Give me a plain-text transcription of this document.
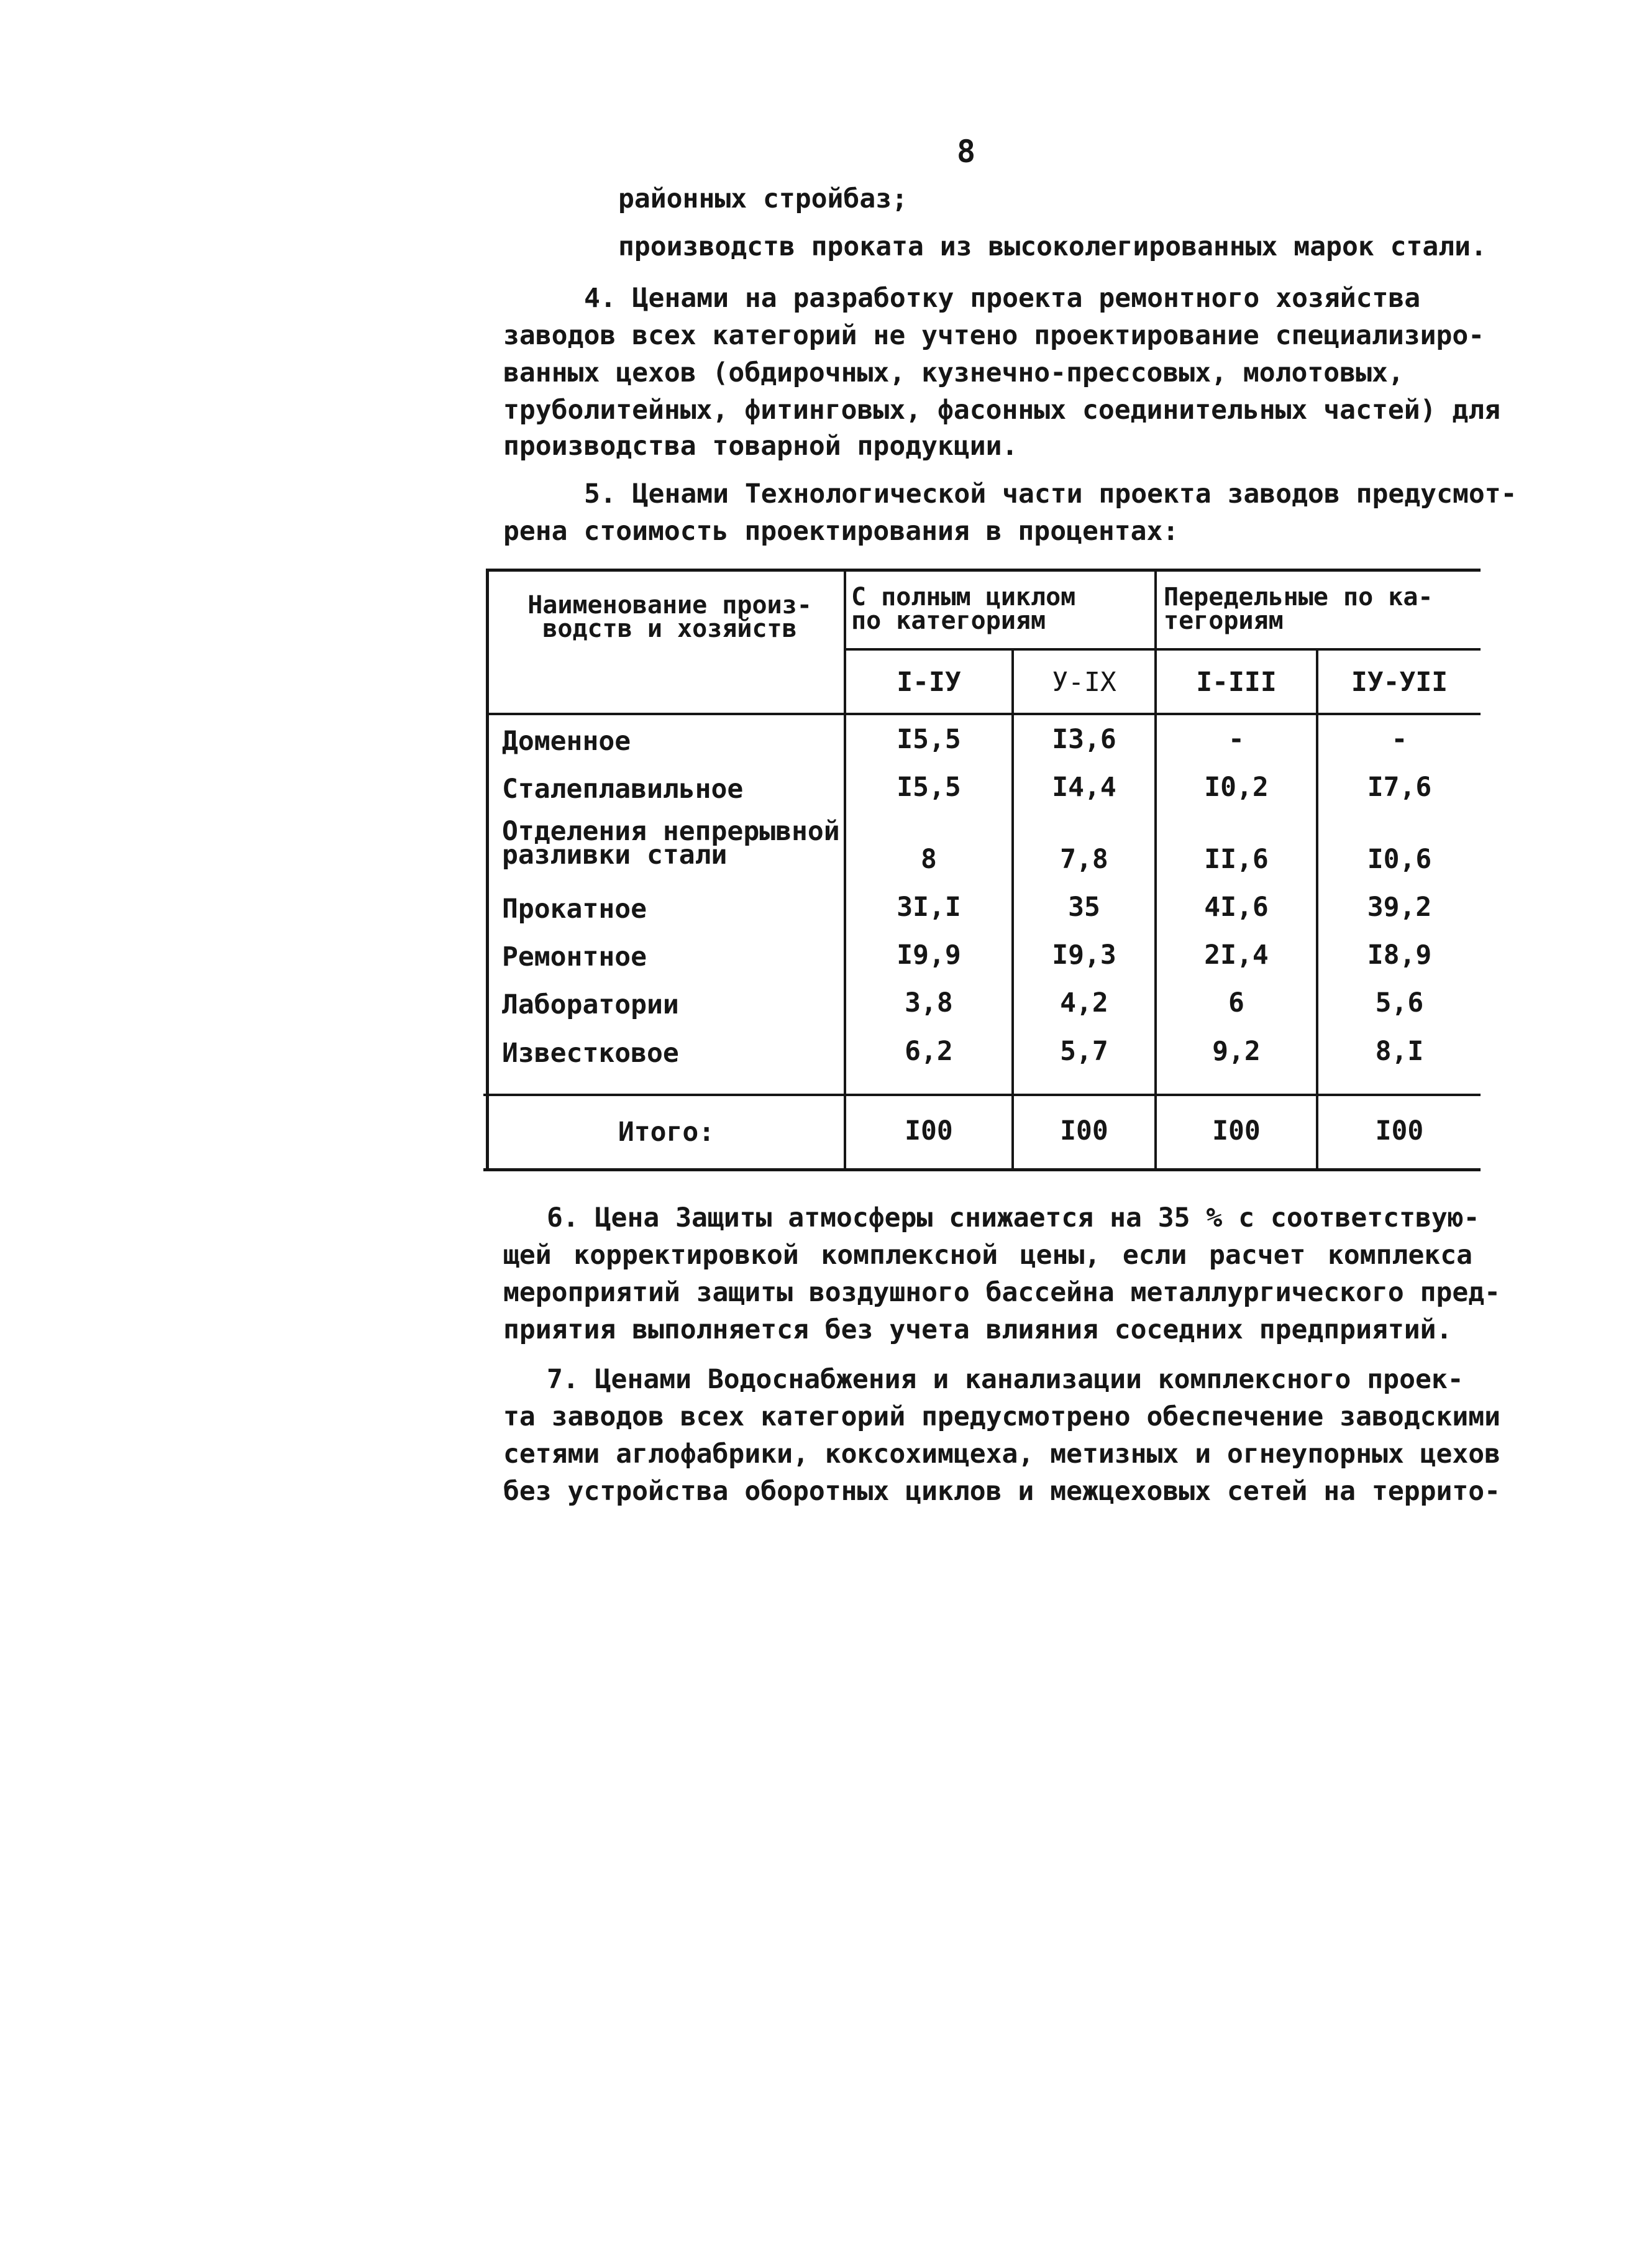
8
районных стройбаз;
производств проката из высоколегированных марок стали.
4. Ценами на разработку проекта ремонтного хозяйства
заводов всех категорий не учтено проектирование специализиро-
ванных цехов (обдирочных, кузнечно-прессовых, молотовых,
труболитейных, фитинговых, фасонных соединительных частей) для
производства товарной продукции.
5. Ценами Технологической части проекта заводов предусмот-
рена стоимость проектирования в процентах:
Наименование произ-
водств и хозяйств
С полным циклом
по категориям
Передельные по ка-
тегориям
I-IУ	У-IX	I-III	IУ-УII
Доменное	I5,5	I3,6	-	-
Сталеплавильное	I5,5	I4,4	I0,2	I7,6
Отделения непрерывной
разливки стали	8	7,8	II,6	I0,6
Прокатное	3I,I	35	4I,6	39,2
Ремонтное	I9,9	I9,3	2I,4	I8,9
Лаборатории	3,8	4,2	6	5,6
Известковое	6,2	5,7	9,2	8,I
Итого:	I00	I00	I00	I00
6. Цена Защиты атмосферы снижается на 35 % с соответствую-
щей корректировкой комплексной цены, если расчет комплекса
мероприятий защиты воздушного бассейна металлургического пред-
приятия выполняется без учета влияния соседних предприятий.
7. Ценами Водоснабжения и канализации комплексного проек-
та заводов всех категорий предусмотрено обеспечение заводскими
сетями аглофабрики, коксохимцеха, метизных и огнеупорных цехов
без устройства оборотных циклов и межцеховых сетей на террито-
